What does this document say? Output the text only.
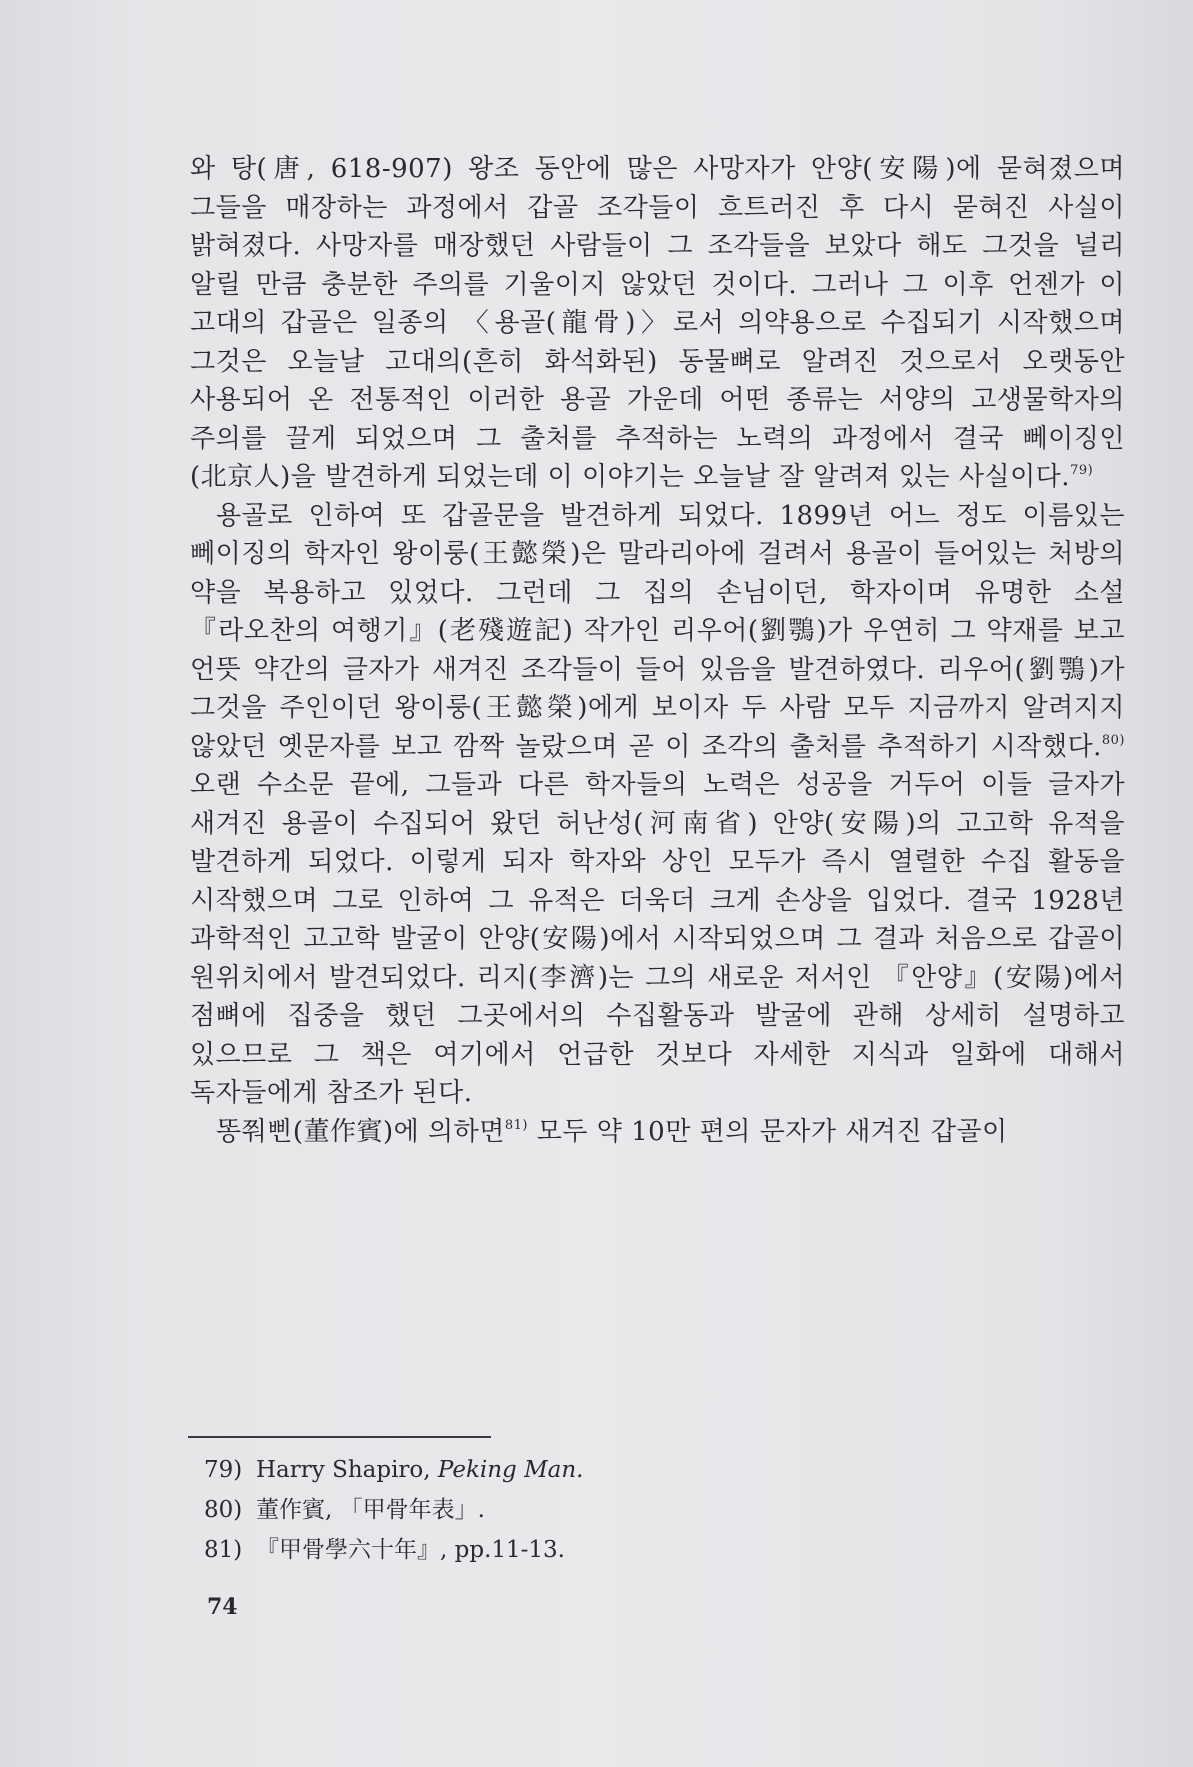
와 탕(唐, 618-907) 왕조 동안에 많은 사망자가 안양(安陽)에 묻혀졌으며 그들을 매장하는 과정에서 갑골 조각들이 흐트러진 후 다시 묻혀진 사실이 밝혀졌다. 사망자를 매장했던 사람들이 그 조각들을 보았다 해도 그것을 널리 알릴 만큼 충분한 주의를 기울이지 않았던 것이다. 그러나 그 이후 언젠가 이 고대의 갑골은 일종의 〈용골(龍骨)〉로서 의약용으로 수집되기 시작했으며 그것은 오늘날 고대의(흔히 화석화된) 동물뼈로 알려진 것으로서 오랫동안 사용되어 온 전통적인 이러한 용골 가운데 어떤 종류는 서양의 고생물학자의 주의를 끌게 되었으며 그 출처를 추적하는 노력의 과정에서 결국 뻬이징인(北京人)을 발견하게 되었는데 이 이야기는 오늘날 잘 알려져 있는 사실이다.$^{79)}$

용골로 인하여 또 갑골문을 발견하게 되었다. 1899년 어느 정도 이름있는 뻬이징의 학자인 왕이룽(王懿榮)은 말라리아에 걸려서 용골이 들어있는 처방의 약을 복용하고 있었다. 그런데 그 집의 손님이던, 학자이며 유명한 소설 『라오찬의 여행기』(老殘遊記) 작가인 리우어(劉鶚)가 우연히 그 약재를 보고 언뜻 약간의 글자가 새겨진 조각들이 들어 있음을 발견하였다. 리우어(劉鶚)가 그것을 주인이던 왕이룽(王懿榮)에게 보이자 두 사람 모두 지금까지 알려지지 않았던 옛문자를 보고 깜짝 놀랐으며 곧 이 조각의 출처를 추적하기 시작했다.$^{80)}$ 오랜 수소문 끝에, 그들과 다른 학자들의 노력은 성공을 거두어 이들 글자가 새겨진 용골이 수집되어 왔던 허난성(河南省) 안양(安陽)의 고고학 유적을 발견하게 되었다. 이렇게 되자 학자와 상인 모두가 즉시 열렬한 수집 활동을 시작했으며 그로 인하여 그 유적은 더욱더 크게 손상을 입었다. 결국 1928년 과학적인 고고학 발굴이 안양(安陽)에서 시작되었으며 그 결과 처음으로 갑골이 원위치에서 발견되었다. 리지(李濟)는 그의 새로운 저서인 『안양』(安陽)에서 점뼈에 집중을 했던 그곳에서의 수집활동과 발굴에 관해 상세히 설명하고 있으므로 그 책은 여기에서 언급한 것보다 자세한 지식과 일화에 대해서 독자들에게 참조가 된다.

똥쭤삔(董作賓)에 의하면$^{81)}$ 모두 약 10만 편의 문자가 새겨진 갑골이

79) Harry Shapiro, Peking Man.
80) 董作賓, 「甲骨年表」.
81) 『甲骨學六十年』, pp.11-13.
74
